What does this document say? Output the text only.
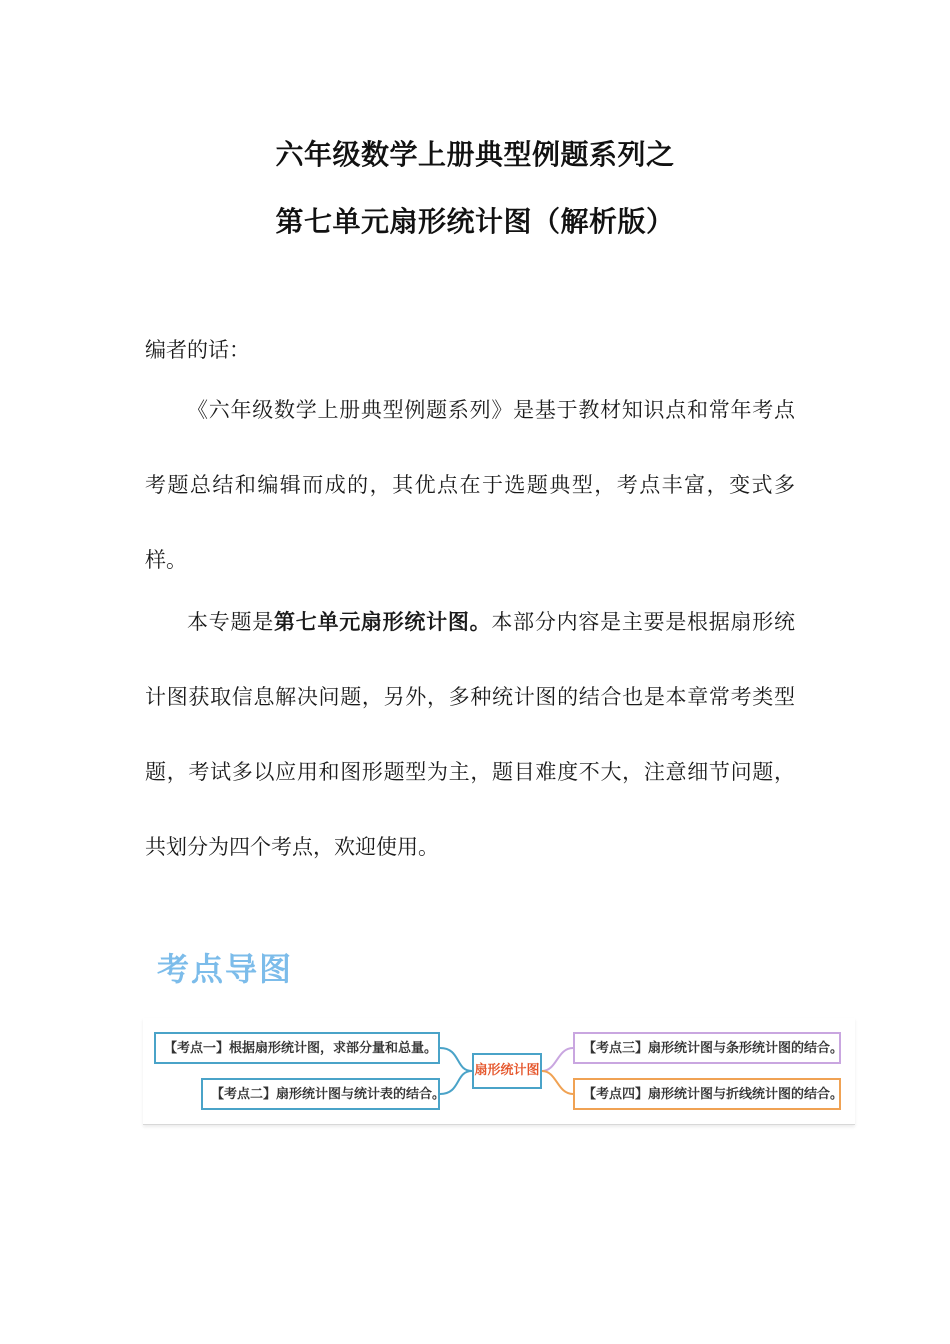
六年级数学上册典型例题系列之
第七单元扇形统计图（解析版）
编者的话：

《六年级数学上册典型例题系列》是基于教材知识点和常年考点考题总结和编辑而成的，其优点在于选题典型，考点丰富，变式多样。

本专题是第七单元扇形统计图。本部分内容是主要是根据扇形统计图获取信息解决问题，另外，多种统计图的结合也是本章常考类型题，考试多以应用和图形题型为主，题目难度不大，注意细节问题，共划分为四个考点，欢迎使用。

考点导图
【考点一】根据扇形统计图，求部分量和总量。
【考点二】扇形统计图与统计表的结合。
扇形统计图
【考点三】扇形统计图与条形统计图的结合。
【考点四】扇形统计图与折线统计图的结合。
